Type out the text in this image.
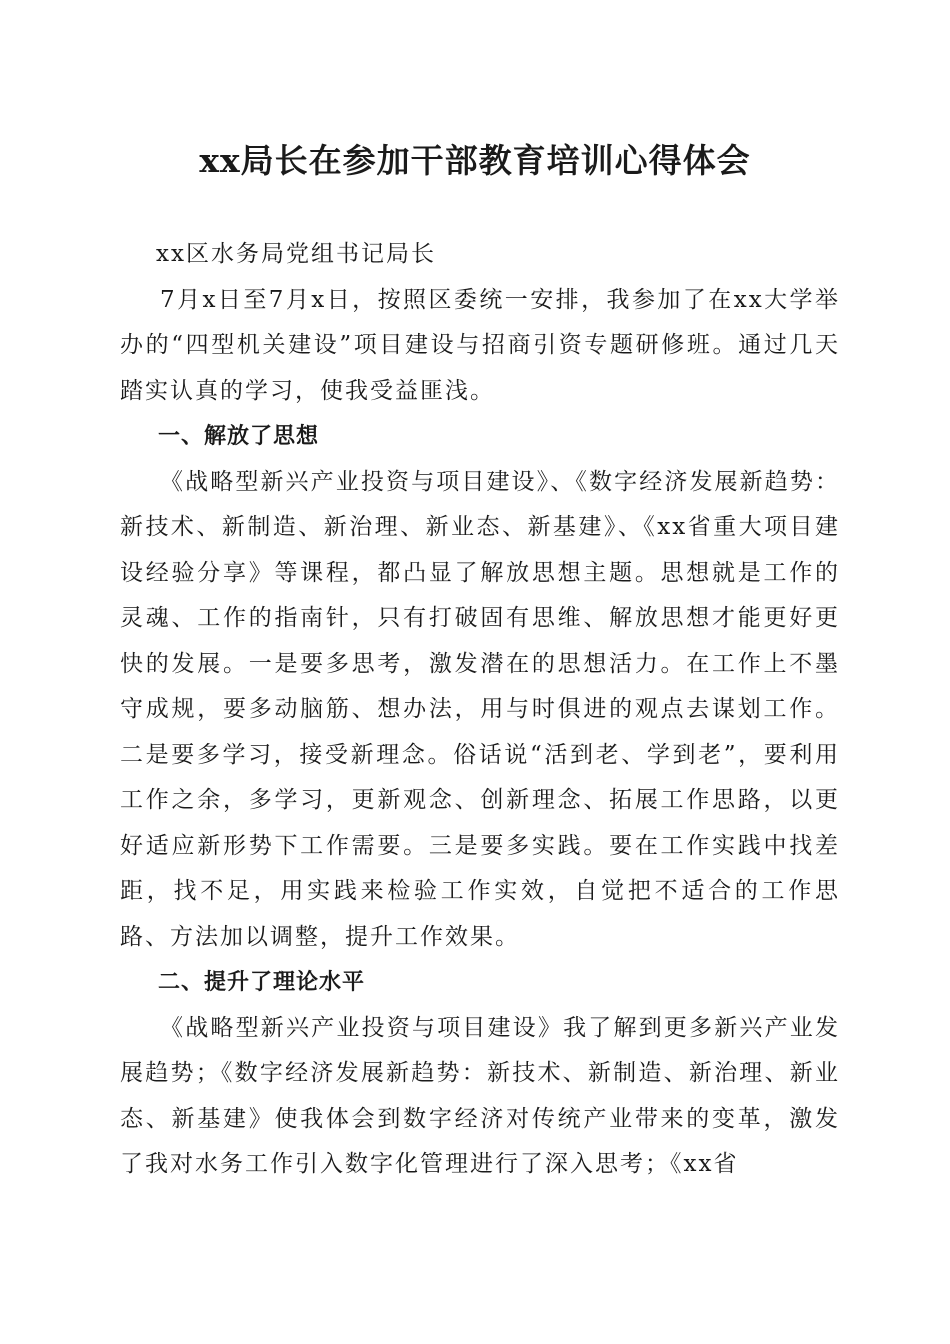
xx局长在参加干部教育培训心得体会

xx区水务局党组书记局长

7月x日至7月x日，按照区委统一安排，我参加了在xx大学举办的“四型机关建设”项目建设与招商引资专题研修班。通过几天踏实认真的学习，使我受益匪浅。

一、解放了思想

《战略型新兴产业投资与项目建设》、《数字经济发展新趋势：新技术、新制造、新治理、新业态、新基建》、《xx省重大项目建设经验分享》等课程，都凸显了解放思想主题。思想就是工作的灵魂、工作的指南针，只有打破固有思维、解放思想才能更好更快的发展。一是要多思考，激发潜在的思想活力。在工作上不墨守成规，要多动脑筋、想办法，用与时俱进的观点去谋划工作。二是要多学习，接受新理念。俗话说“活到老、学到老”，要利用工作之余，多学习，更新观念、创新理念、拓展工作思路，以更好适应新形势下工作需要。三是要多实践。要在工作实践中找差距，找不足，用实践来检验工作实效，自觉把不适合的工作思路、方法加以调整，提升工作效果。

二、提升了理论水平

《战略型新兴产业投资与项目建设》我了解到更多新兴产业发展趋势；《数字经济发展新趋势：新技术、新制造、新治理、新业态、新基建》使我体会到数字经济对传统产业带来的变革，激发了我对水务工作引入数字化管理进行了深入思考；《xx省
